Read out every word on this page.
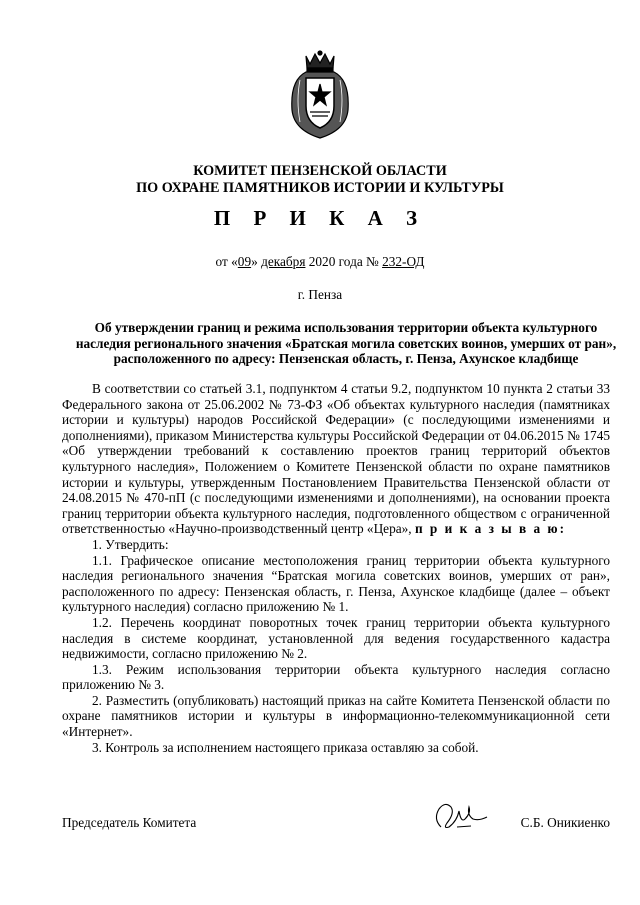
КОМИТЕТ ПЕНЗЕНСКОЙ ОБЛАСТИ
ПО ОХРАНЕ ПАМЯТНИКОВ ИСТОРИИ И КУЛЬТУРЫ
П Р И К А З
от «09» декабря 2020 года № 232-ОД
г. Пенза
Об утверждении границ и режима использования территории объекта культурного наследия регионального значения «Братская могила советских воинов, умерших от ран», расположенного по адресу: Пензенская область, г. Пенза, Ахунское кладбище

В соответствии со статьей 3.1, подпунктом 4 статьи 9.2, подпунктом 10 пункта 2 статьи 33 Федерального закона от 25.06.2002 № 73-ФЗ «Об объектах культурного наследия (памятниках истории и культуры) народов Российской Федерации» (с последующими изменениями и дополнениями), приказом Министерства культуры Российской Федерации от 04.06.2015 № 1745 «Об утверждении требований к составлению проектов границ территорий объектов культурного наследия», Положением о Комитете Пензенской области по охране памятников истории и культуры, утвержденным Постановлением Правительства Пензенской области от 24.08.2015 № 470-пП (с последующими изменениями и дополнениями), на основании проекта границ территории объекта культурного наследия, подготовленного обществом с ограниченной ответственностью «Научно-производственный центр «Цера», п р и к а з ы в а ю:

1. Утвердить:

1.1. Графическое описание местоположения границ территории объекта культурного наследия регионального значения “Братская могила советских воинов, умерших от ран», расположенного по адресу: Пензенская область, г. Пенза, Ахунское кладбище (далее – объект культурного наследия) согласно приложению № 1.

1.2. Перечень координат поворотных точек границ территории объекта культурного наследия в системе координат, установленной для ведения государственного кадастра недвижимости, согласно приложению № 2.

1.3. Режим использования территории объекта культурного наследия согласно приложению № 3.

2. Разместить (опубликовать) настоящий приказ на сайте Комитета Пензенской области по охране памятников истории и культуры в информационно-телекоммуникационной сети «Интернет».

3. Контроль за исполнением настоящего приказа оставляю за собой.

Председатель Комитета	С.Б. Оникиенко
